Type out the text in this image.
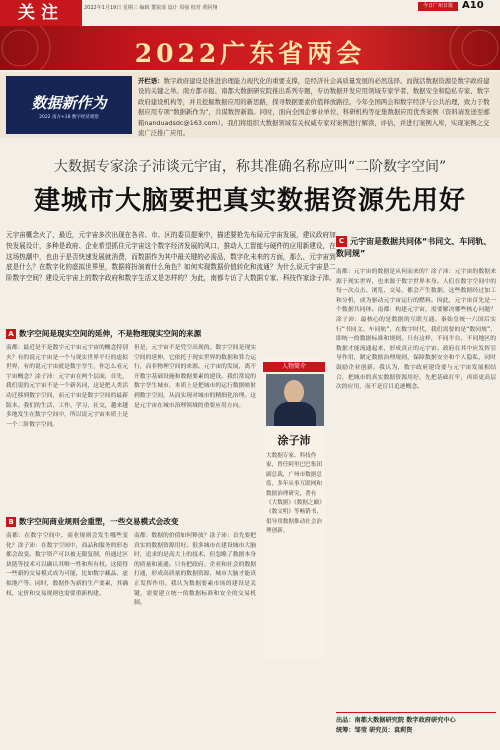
关注	2022年1月19日 星期三 编辑 董锐琦 设计 周强 校对 黄阿翔	今日广州日报 A10
2022广东省两会
数据新作为
2022 南方+18 数字经济观察
开栏语：数字政府建设是推进治理能力现代化的重要支撑，是经济社会高质量发展的必然选择。而做活数据资源是数字政府建设的关键之举。南方都市报、南都大数据研究院推出系列专题，专访数据开发应用领域专家学者、数据安全和隐私专家、数字政府建设机构等，并且挖掘数据应用的新思路，探寻数据要素价值释放路径。今年全国两会和数字经济与公共治理，致力于数据应用专项“数据新作为”，共谋数智新篇。同时，面向全国企事业单位、科研机构等征集数据应用优秀案例（资料请发送至邮箱nanduadsdc@163.com）。我们将组织大数据领域有关权威专家对案例进行解读、评估，并进行案例入库，实现案例之交流广泛推广应用。
大数据专家涂子沛谈元宇宙，称其准确名称应叫“二阶数字空间”
建城市大脑要把真实数据资源先用好
元宇宙概念火了，最近，元宇宙多次出现在各省、市、区的委员提案中，描述要抢先布局元宇宙发展，建议政府加快发展设计，多种是政府、企业希望抓住元宇宙这个数字经济发展的风口，推动人工智能与硬件的应用新建设，在这场热潮中，也由于是否快速发展就消费，而数据作为其中最关键的必需品，数字化未来的方面，那么，元宇宙到底是什么？在数字化的虚拟世界里，数据将扮演着什么角色？如何实现数据价值转化和流通？为什么说元宇宙是二阶数字空间？建设元宇宙上的数字政府和数字生活又是怎样的？为此，南都专访了大数据专家、科技作家涂子沛。
A 数字空间是现实空间的延伸，不是物理现实空间的来源
南都：最近是不是数字元宇宙元宇宙的概念特别火？有的说元宇宙是一个与现实世界平行的虚拟世界，有的说元宇宙就是数字孪生，你怎么看元宇宙概念？涂子沛：元宇宙在两个层面，首先，我们说的元宇宙不是一个新名词，这是把人类活动迁移到数字空间，而元宇宙是数字空间的最新版本。我们的生活、工作、学习、社交，越来越多地发生在数字空间中，所以说元宇宙本质上是一个二阶数字空间。
但是，元宇宙不是凭空出现的。数字空间是现实空间的延伸，它依托于现实世界的数据和算力运行，而非物理空间的来源。元宇宙的发展，离不开数字基础设施和数据要素的建设。我们常说的数字孪生城市，本质上是把城市的运行数据映射到数字空间，从而实现对城市的精细化治理。这是元宇宙在城市治理领域的重要应用方向。
B 数字空间商业规则会重塑，一些交易模式会改变
南都：在数字空间中，商业规则会发生哪些变化？涂子沛：在数字空间中，商品和服务的形态都会改变。数字资产可以被无限复制，但通过区块链等技术可以确认其唯一性和所有权。这使得一些新的交易模式成为可能，比如数字藏品、虚拟地产等。同时，数据作为新的生产要素，其确权、定价和交易规则也需要重新构建。
南都：数据的价值如何释放？涂子沛：首先要把真实的数据资源用好。很多城市在建设城市大脑时，追求的是高大上的技术，但忽略了数据本身的质量和流通。只有把政府、企业和社会的数据打通，形成高质量的数据资源，城市大脑才能真正发挥作用。我认为数据要素市场的建设是关键，需要建立统一的数据标准和安全的交易机制。
人物简介
涂子沛
大数据专家、科技作家，曾任阿里巴巴集团副总裁，广州市数据总监，多年从事互联网和数据治理研究，著有《大数据》《数据之巅》《数文明》等畅销书，倡导用数据推动社会治理创新。
C 元宇宙是数据共同体“书同文、车同轨、数同规”
南都：元宇宙的数据是从何而来的？涂子沛：元宇宙的数据来源于现实世界，也来源于数字世界本身。人们在数字空间中的每一次点击、浏览、交易，都会产生数据。这些数据经过加工和分析，成为驱动元宇宙运行的燃料。因此，元宇宙首先是一个数据共同体。南都：构建元宇宙，需要解决哪些核心问题？涂子沛：最核心的是数据的互联互通。秦始皇统一六国后实行“书同文、车同轨”，在数字时代，我们需要的是“数同规”，即统一的数据标准和规则。只有这样，不同平台、不同地区的数据才能流通起来，形成真正的元宇宙。政府在其中应发挥引导作用，制定数据治理规则，保障数据安全和个人隐私，同时鼓励企业创新。我认为，数字政府建设要与元宇宙发展相结合，把城市的真实数据资源用好，先把基础打牢，再谈更高层次的应用，而不是盲目追逐概念。
出品：南都大数据研究院 数字政府研究中心
统筹：邹莹 研究员：袁莉资
